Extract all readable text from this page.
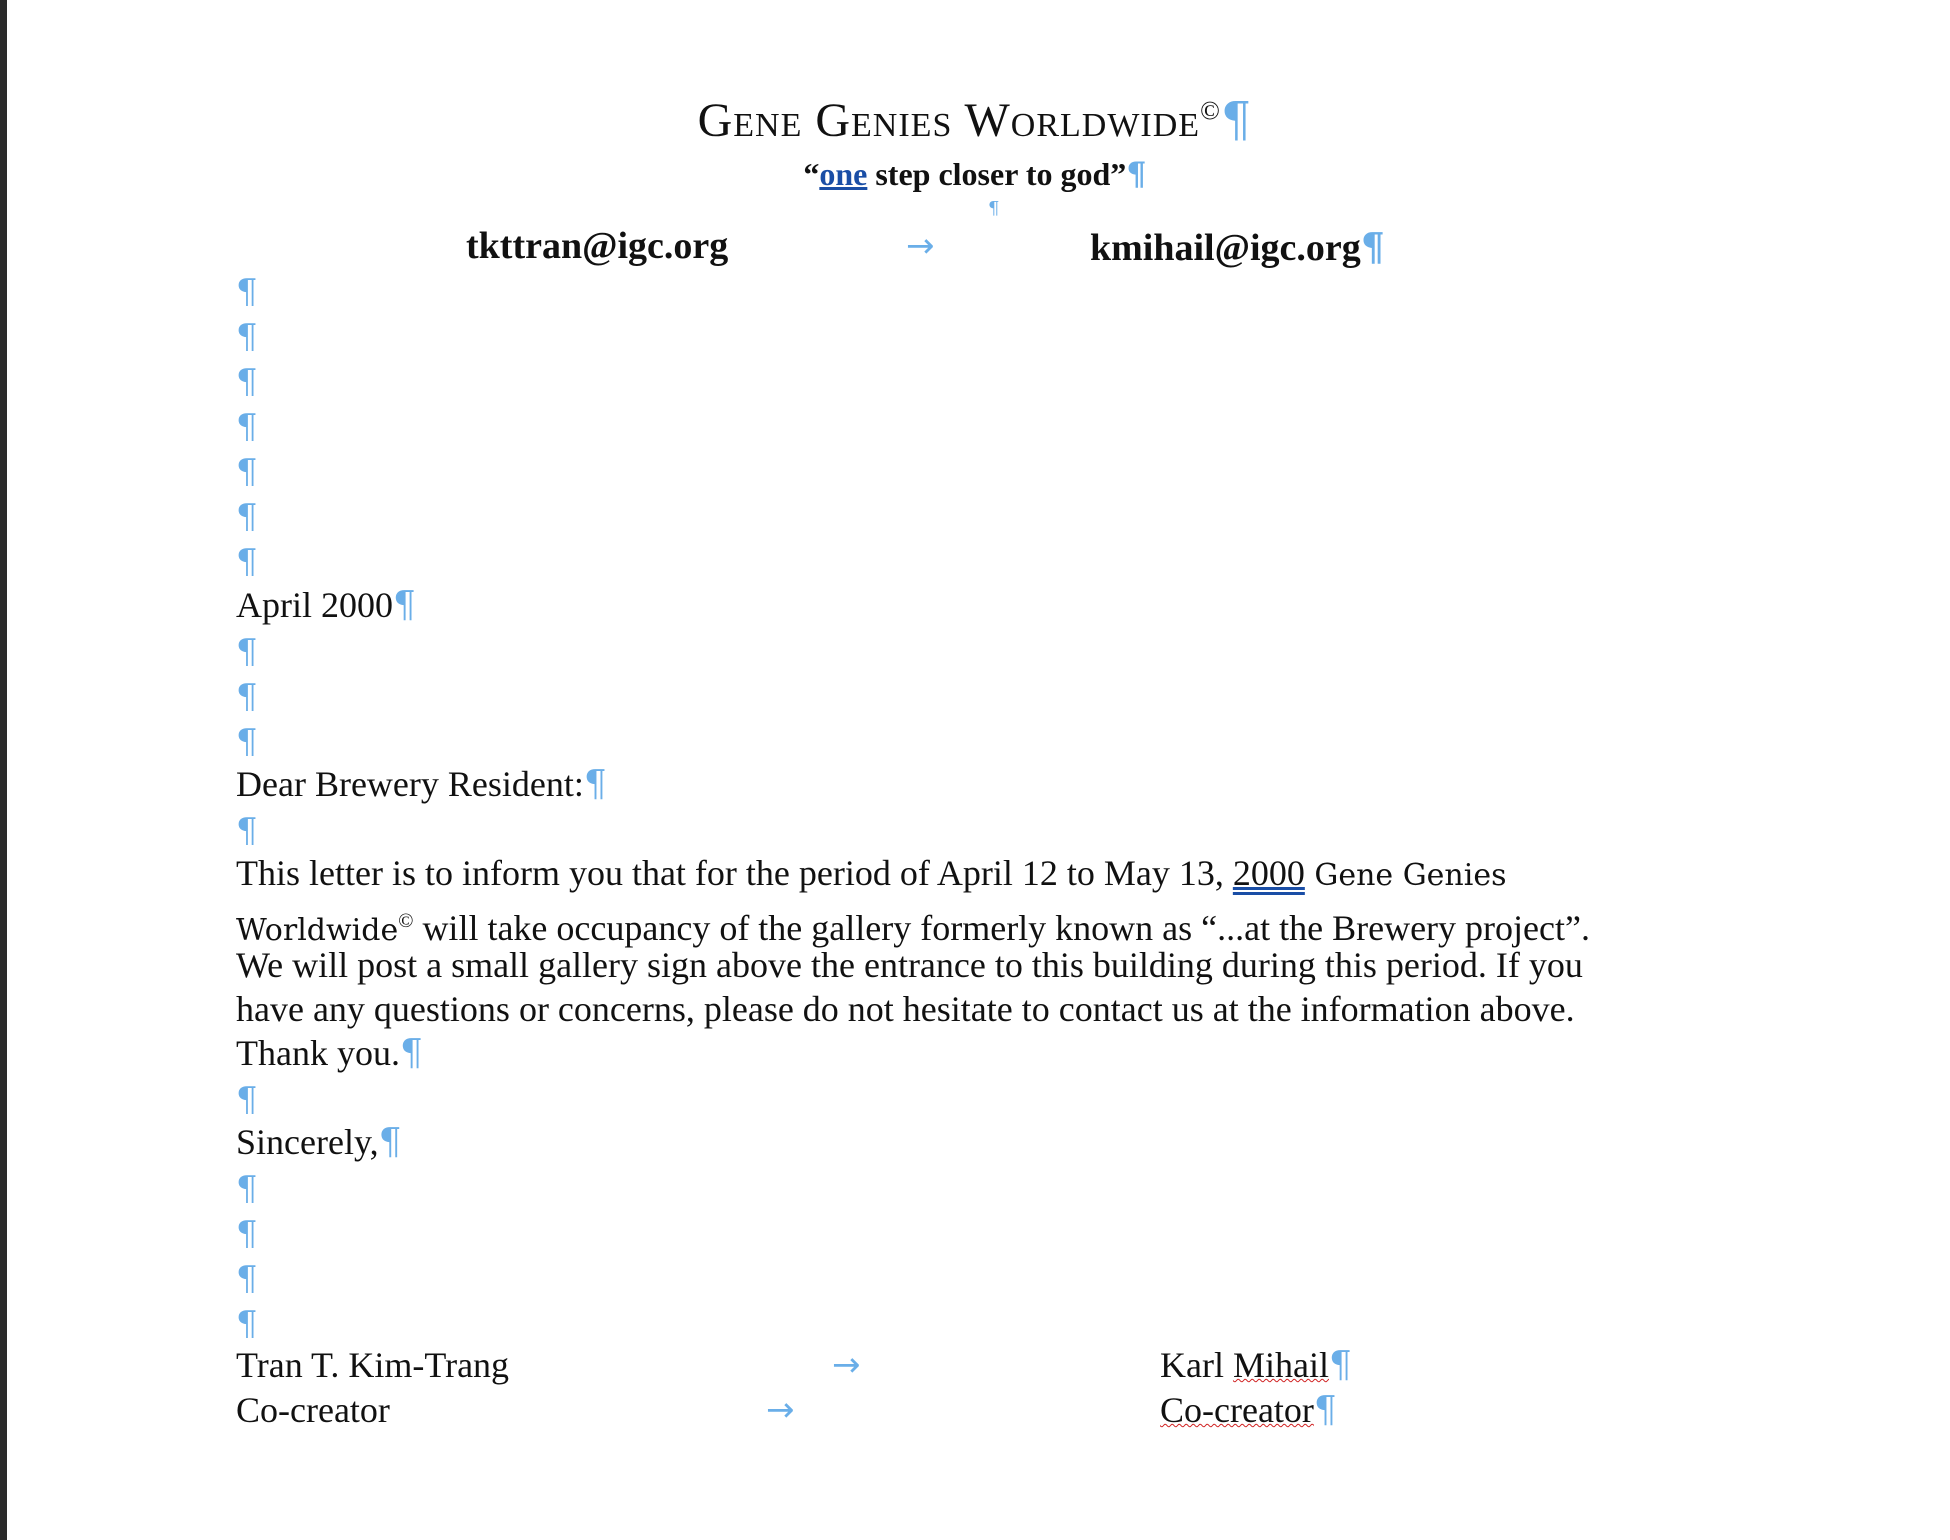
Gene Genies Worldwide©¶
“one step closer to god”¶
¶
tkttran@igc.org	→	kmihail@igc.org¶
¶
¶
¶
¶
¶
¶
¶
April 2000¶
¶
¶
¶
Dear Brewery Resident:¶
¶
This letter is to inform you that for the period of April 12 to May 13, 2000 Gene Genies
Worldwide© will take occupancy of the gallery formerly known as “...at the Brewery project”.
We will post a small gallery sign above the entrance to this building during this period. If you
have any questions or concerns, please do not hesitate to contact us at the information above.
Thank you.¶
¶
Sincerely,¶
¶
¶
¶
¶
Tran T. Kim-Trang	→	Karl Mihail¶
Co-creator	→	Co-creator¶
